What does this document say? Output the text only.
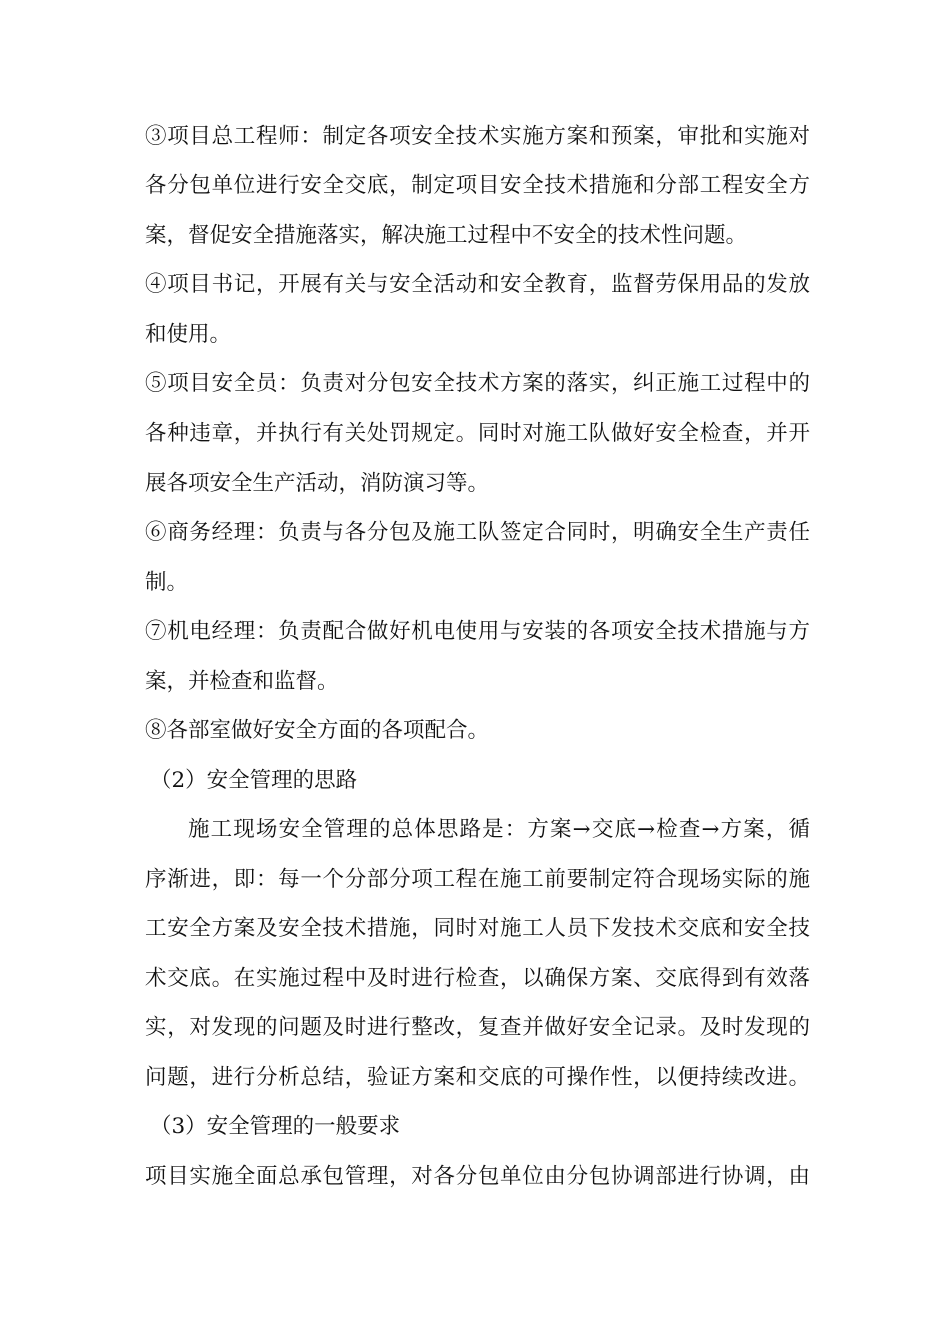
③项目总工程师：制定各项安全技术实施方案和预案，审批和实施对
各分包单位进行安全交底，制定项目安全技术措施和分部工程安全方
案，督促安全措施落实，解决施工过程中不安全的技术性问题。
④项目书记，开展有关与安全活动和安全教育，监督劳保用品的发放
和使用。
⑤项目安全员：负责对分包安全技术方案的落实，纠正施工过程中的
各种违章，并执行有关处罚规定。同时对施工队做好安全检查，并开
展各项安全生产活动，消防演习等。
⑥商务经理：负责与各分包及施工队签定合同时，明确安全生产责任
制。
⑦机电经理：负责配合做好机电使用与安装的各项安全技术措施与方
案，并检查和监督。
⑧各部室做好安全方面的各项配合。
（2）安全管理的思路
施工现场安全管理的总体思路是：方案→交底→检查→方案，循
序渐进，即：每一个分部分项工程在施工前要制定符合现场实际的施
工安全方案及安全技术措施，同时对施工人员下发技术交底和安全技
术交底。在实施过程中及时进行检查，以确保方案、交底得到有效落
实，对发现的问题及时进行整改，复查并做好安全记录。及时发现的
问题，进行分析总结，验证方案和交底的可操作性，以便持续改进。
（3）安全管理的一般要求
项目实施全面总承包管理，对各分包单位由分包协调部进行协调，由
